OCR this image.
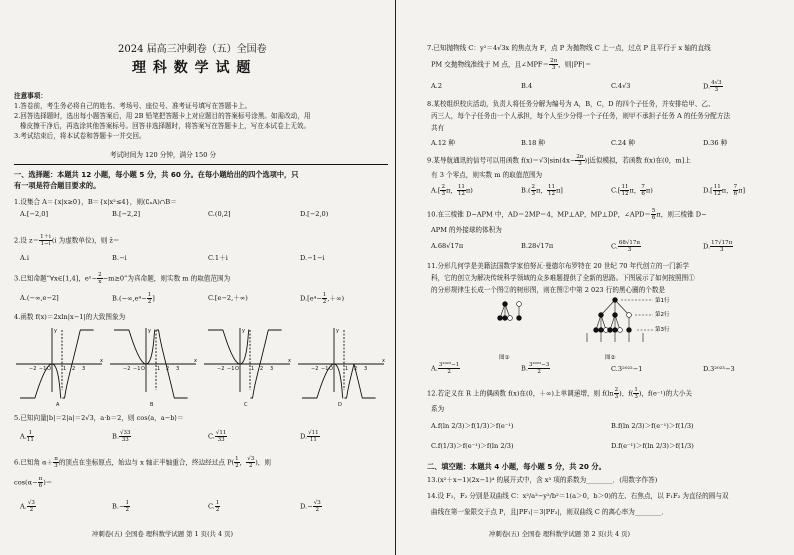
2024 届高三冲刺卷（五）全国卷
理 科 数 学 试 题
注意事项：
1.答卷前，考生务必将自己的姓名、考场号、座位号、准考证号填写在答题卡上。
2.回答选择题时，选出每小题答案后，用 2B 铅笔把答题卡上对应题目的答案标号涂黑。如需改动，用
橡皮擦干净后，再选涂其他答案标号。回答非选择题时，将答案写在答题卡上，写在本试卷上无效。
3.考试结束后，将本试卷和答题卡一并交回。
考试时间为 120 分钟，满分 150 分
一、选择题：本题共 12 小题，每小题 5 分，共 60 分。在每小题给出的四个选项中，只
有一项是符合题目要求的。
1.设集合 A＝{x|x≥0}，B＝{x|x²≤4}，则(∁ₙA)∩B＝
A.[−2,0]	B.[−2,2]	C.(0,2]	D.[−2,0)
2.设 $z= \frac{1+i}{1-i} (i$ 为虚数单位)，则 z̄＝
A.i	B.−i	C.1＋i	D.−1−i
3.已知命题“∀x∈[1,4]，eˣ− $\frac{2}{x} -m\ge 0$”为真命题，则实数 m 的取值范围为
A.(−∞,e−2]	$B.(-\infty,e^4- \frac{1}{2}$ ]	C.[e−2,＋∞)	$D.[e^4- \frac{1}{2}$ ,＋∞)
4.函数 f(x)＝2xln|x−1|的大致图象为
x
y
O
−2 −1	1 2 3
A
x
y
O
−2 −1	1 2 3
B
x
y
O
−2 −1	1 2 3
C
x
y
O
−2 −1	1 2 3
D
5.已知向量|b|＝2|a|＝2√3，a·b＝2，则 cos⟨a，a−b⟩＝
A. $\frac{1}{11}$	B. $\frac{√33}{33}$	C. $\frac{√11}{33}$	D. $\frac{√11}{11}$
6.已知角 $\alpha+ \frac{\pi}{3}$ 的顶点在坐标原点，始边与 x 轴正半轴重合，终边经过点 $P( \frac{1}{2}$ ， $\frac{√3}{2}$ )，则
$\cos(\alpha- \frac{\pi}{6}$ )＝
A. $\frac{√3}{2}$	$B.- \frac{1}{2}$	C. $\frac{1}{2}$	$D.- \frac{√3}{2}$
冲刺卷(五) 全国卷 理科数学试题 第 1 页(共 4 页)
7.已知抛物线 C：y²＝4√3x 的焦点为 F，点 P 为抛物线 C 上一点，过点 P 且平行于 x 轴的直线
PM 交抛物线准线于 M 点，且∠MPF＝ $\frac{2\pi}{3}$ ，则|PF|＝
A.2	B.4	C.4√3	D. $\frac{4√3}{3}$
8.某校组织校庆活动，负责人将任务分解为编号为 A，B，C，D 的四个子任务，并安排给甲、乙、
丙三人，每个子任务由一个人承担，每个人至少分得一个子任务，则甲不承担子任务 A 的任务分配方法
共有
A.12 种	B.18 种	C.24 种	D.36 种
9.某导航通讯的信号可以用函数 $f(x)=√3|\sin(4x- \frac{2\pi}{3}$ )|近似模拟，若函数 f(x)在(0，m]上
有 3 个零点，则实数 m 的取值范围为
$A.[ \frac{2}{3}$ π， $\frac{11}{12} \pi$)	$B.( \frac{2}{3}$ π， $\frac{11}{12} \pi$]	$C.[ \frac{11}{12}$ π， $\frac{7}{6} \pi$)	$D.[ \frac{11}{12}$ π， $\frac{7}{6} \pi$]
10.在三棱锥 D−APM 中，AD＝2MP＝4，MP⊥AP，MP⊥DP，∠APD＝ $\frac{5}{6}$ π，则三棱锥 D−
APM 的外接球的体积为
A.68√17π	B.28√17π	C. $\frac{68√17\pi}{3}$	D. $\frac{17√17\pi}{3}$
11.分形几何学是美籍法国数学家伯努瓦·曼德尔布罗特在 20 世纪 70 年代创立的一门新学
科，它的创立为解决传统科学领域的众多难题提供了全新的思路。下图展示了如何按照图①
的分形规律生长成一个图②的树形图，则在图②中第 2 023 行的黑心圈的个数是
图①	图②
第1行
第2行
第3行
A. $\frac{\text{3²⁰²²−1}}{2}$	B. $\frac{\text{3²⁰²²−3}}{2}$	C.3²⁰²²−1	D.3²⁰²³−3
12.若定义在 R 上的偶函数 f(x)在(0，＋∞)上单调递增，则 $f(\ln \frac{2}{3}$ )，$f( \frac{1}{3}$ )，f(e⁻¹)的大小关
系为
A.f(ln 2/3)＞f(1/3)＞f(e⁻¹)	B.f(ln 2/3)＞f(e⁻¹)＞f(1/3)
C.f(1/3)＞f(e⁻¹)＞f(ln 2/3)	D.f(e⁻¹)＞f(ln 2/3)＞f(1/3)
二、填空题：本题共 4 小题，每小题 5 分，共 20 分。
13.(x²＋x−1)(2x−1)⁴ 的展开式中，含 x³ 项的系数为________．(用数字作答)
14.设 F₁，F₂ 分别是双曲线 C：x²/a²−y²/b²＝1(a＞0，b＞0)的左、右焦点，以 F₁F₂ 为直径的圆与双
曲线在第一象限交于点 P，且|PF₁|＝3|PF₂|，则双曲线 C 的离心率为________．
冲刺卷(五) 全国卷 理科数学试题 第 2 页(共 4 页)
